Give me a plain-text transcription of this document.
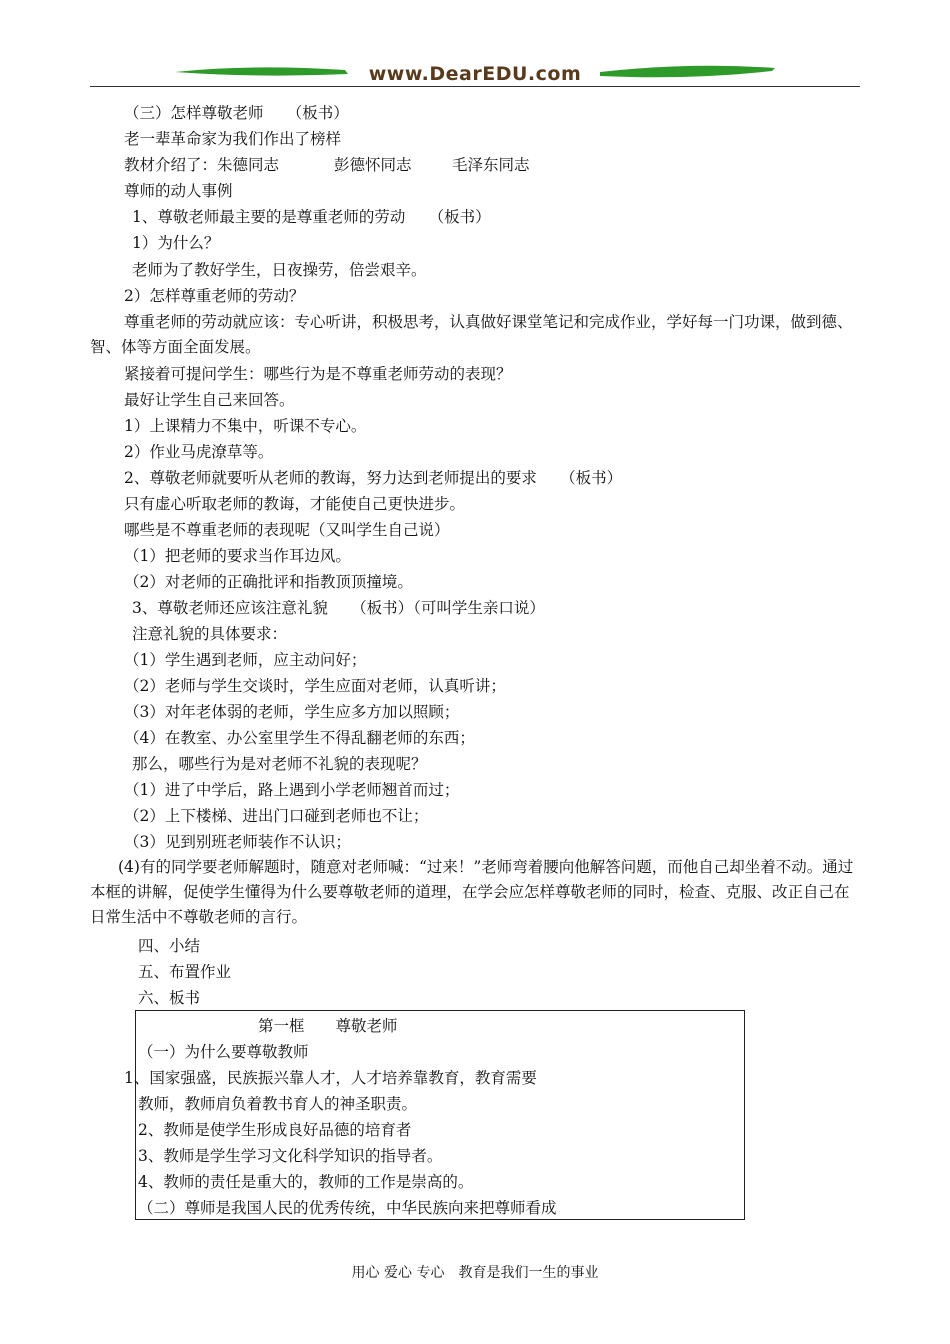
www.DearEDU.com
（三）怎样尊敬老师　　（板书）
老一辈革命家为我们作出了榜样
教材介绍了：朱德同志	彭德怀同志	毛泽东同志
尊师的动人事例
1、尊敬老师最主要的是尊重老师的劳动　　（板书）
1）为什么？
老师为了教好学生，日夜操劳，倍尝艰辛。
2）怎样尊重老师的劳动？
尊重老师的劳动就应该：专心听讲，积极思考，认真做好课堂笔记和完成作业，学好每一门功课，做到德、智、体等方面全面发展。
紧接着可提问学生：哪些行为是不尊重老师劳动的表现？
最好让学生自己来回答。
1）上课精力不集中，听课不专心。
2）作业马虎潦草等。
2、尊敬老师就要听从老师的教诲，努力达到老师提出的要求　　（板书）
只有虚心听取老师的教诲，才能使自己更快进步。
哪些是不尊重老师的表现呢（又叫学生自己说）
（1）把老师的要求当作耳边风。
（2）对老师的正确批评和指教顶顶撞境。
3、尊敬老师还应该注意礼貌　　（板书）（可叫学生亲口说）
注意礼貌的具体要求：
（1）学生遇到老师，应主动问好；
（2）老师与学生交谈时，学生应面对老师，认真听讲；
（3）对年老体弱的老师，学生应多方加以照顾；
（4）在教室、办公室里学生不得乱翻老师的东西；
那么，哪些行为是对老师不礼貌的表现呢？
（1）进了中学后，路上遇到小学老师翘首而过；
（2）上下楼梯、进出门口碰到老师也不让；
（3）见到别班老师装作不认识；
(4)有的同学要老师解题时，随意对老师喊：“过来！”老师弯着腰向他解答问题，而他自己却坐着不动。通过本框的讲解，促使学生懂得为什么要尊敬老师的道理，在学会应怎样尊敬老师的同时，检查、克服、改正自己在日常生活中不尊敬老师的言行。
四、小结
五、布置作业
六、板书
第一框　　尊敬老师
（一）为什么要尊敬教师
1、国家强盛，民族振兴靠人才，人才培养靠教育，教育需要
教师，教师肩负着教书育人的神圣职责。
2、教师是使学生形成良好品德的培育者
3、教师是学生学习文化科学知识的指导者。
4、教师的责任是重大的，教师的工作是崇高的。
（二）尊师是我国人民的优秀传统，中华民族向来把尊师看成
用心 爱心 专心　教育是我们一生的事业
